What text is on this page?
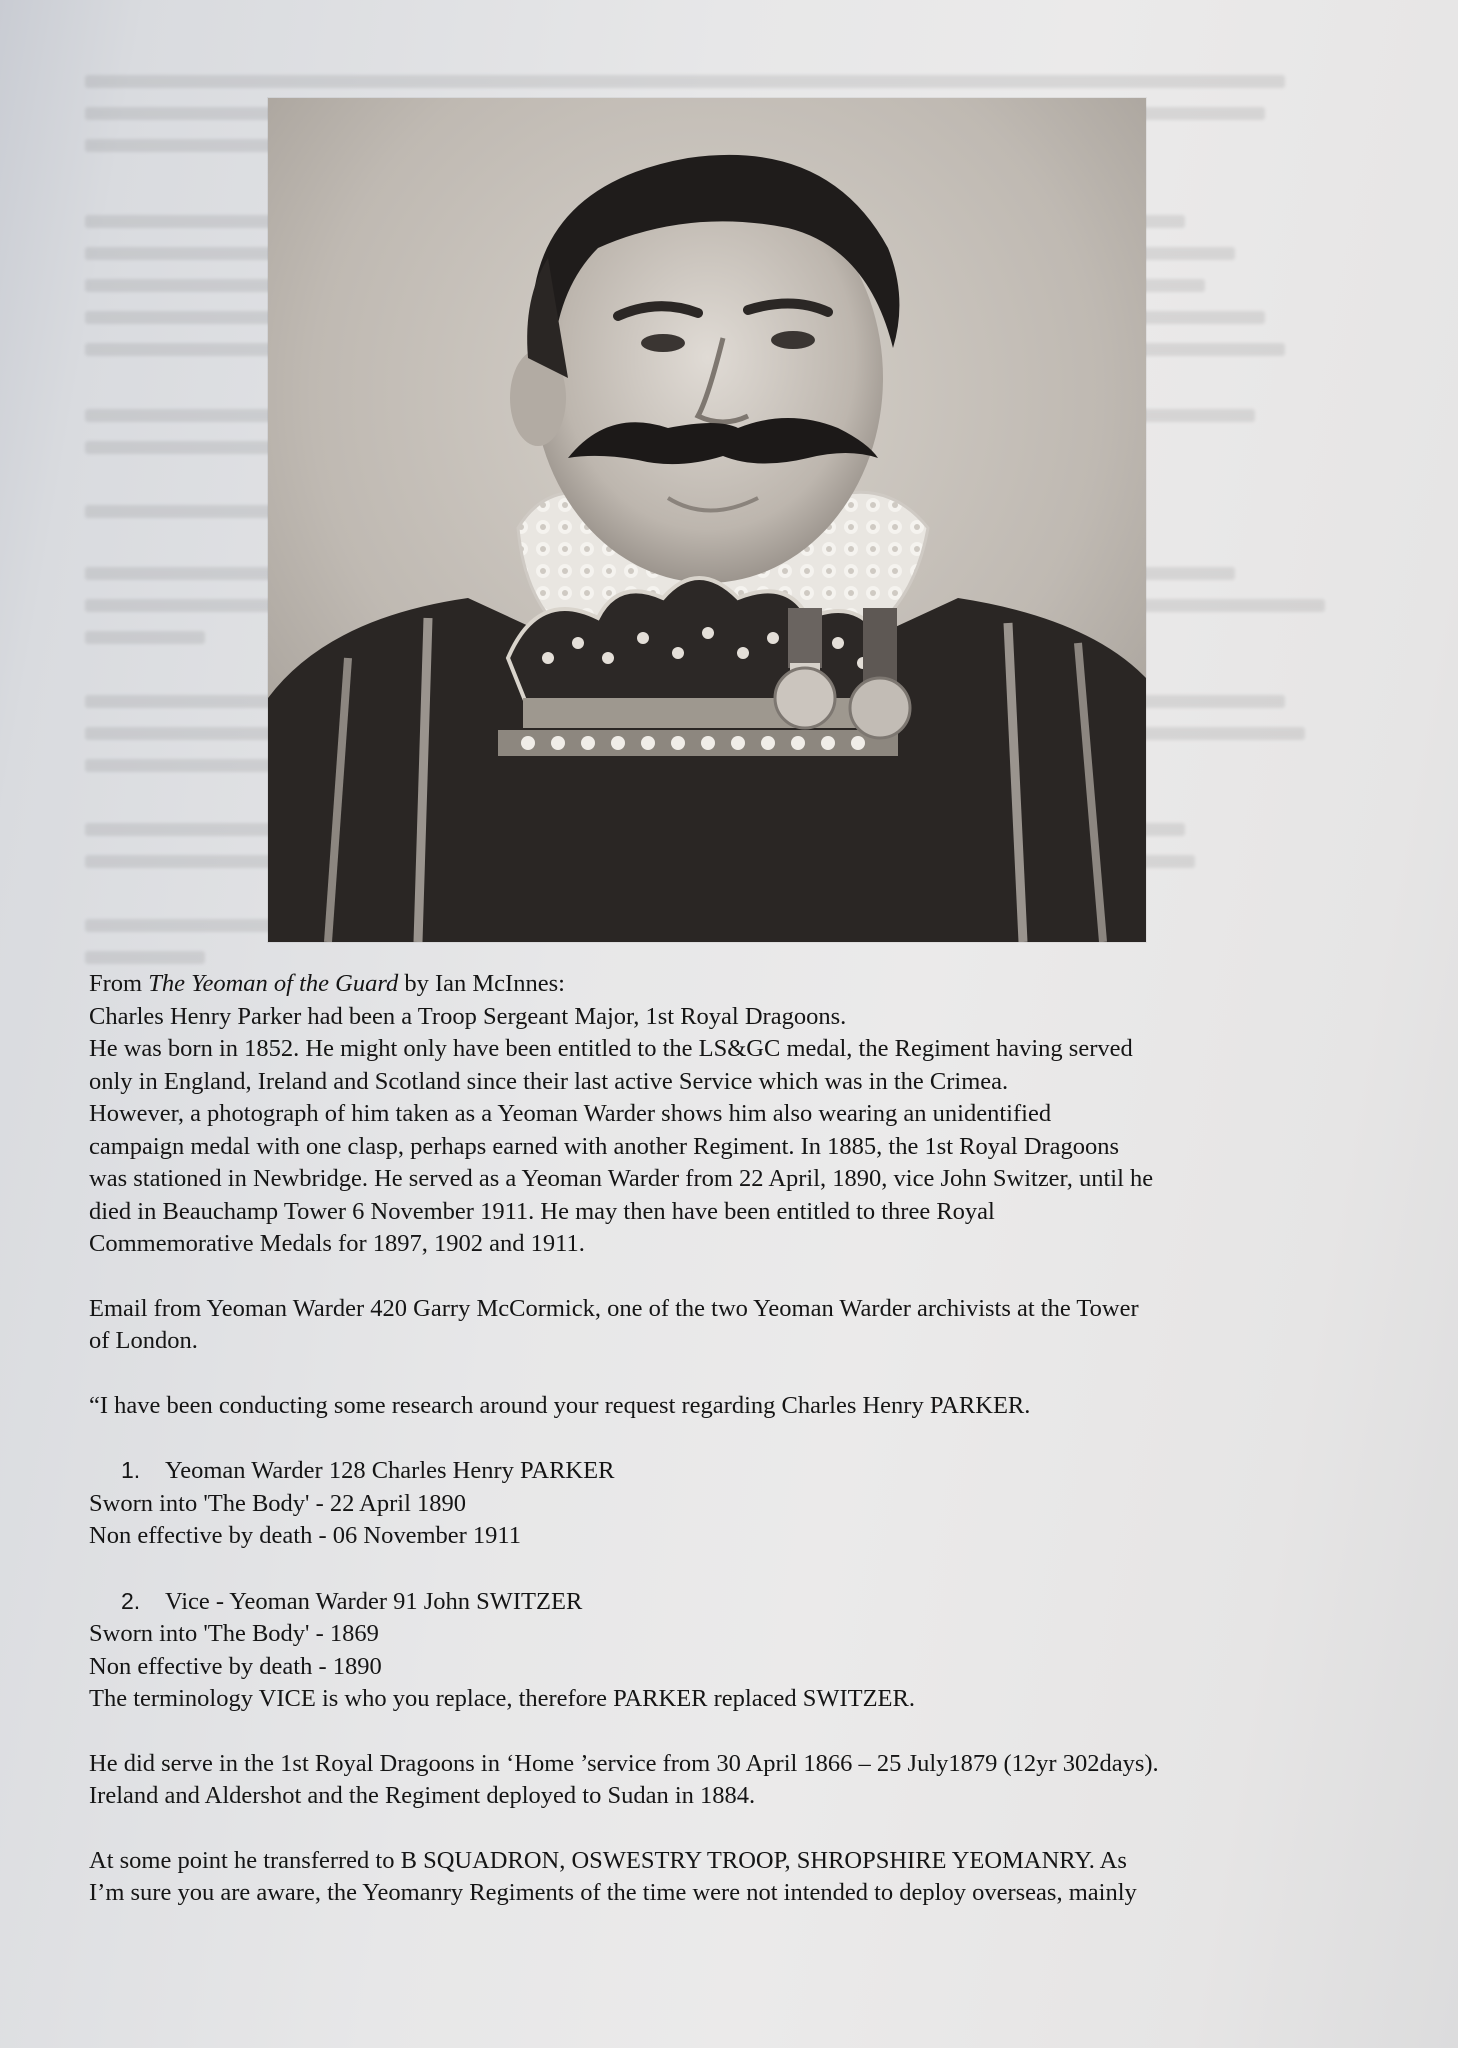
From The Yeoman of the Guard by Ian McInnes:

Charles Henry Parker had been a Troop Sergeant Major, 1st Royal Dragoons.

He was born in 1852. He might only have been entitled to the LS&GC medal, the Regiment having served

only in England, Ireland and Scotland since their last active Service which was in the Crimea.

However, a photograph of him taken as a Yeoman Warder shows him also wearing an unidentified

campaign medal with one clasp, perhaps earned with another Regiment. In 1885, the 1st Royal Dragoons

was stationed in Newbridge. He served as a Yeoman Warder from 22 April, 1890, vice John Switzer, until he

died in Beauchamp Tower 6 November 1911. He may then have been entitled to three Royal

Commemorative Medals for 1897, 1902 and 1911.

Email from Yeoman Warder 420 Garry McCormick, one of the two Yeoman Warder archivists at the Tower

of London.

“I have been conducting some research around your request regarding Charles Henry PARKER.

1. Yeoman Warder 128 Charles Henry PARKER

Sworn into 'The Body' - 22 April 1890

Non effective by death - 06 November 1911

2. Vice - Yeoman Warder 91 John SWITZER

Sworn into 'The Body' - 1869

Non effective by death - 1890

The terminology VICE is who you replace, therefore PARKER replaced SWITZER.

He did serve in the 1st Royal Dragoons in ‘Home ’service from 30 April 1866 – 25 July1879 (12yr 302days).

Ireland and Aldershot and the Regiment deployed to Sudan in 1884.

At some point he transferred to B SQUADRON, OSWESTRY TROOP, SHROPSHIRE YEOMANRY. As

I’m sure you are aware, the Yeomanry Regiments of the time were not intended to deploy overseas, mainly
